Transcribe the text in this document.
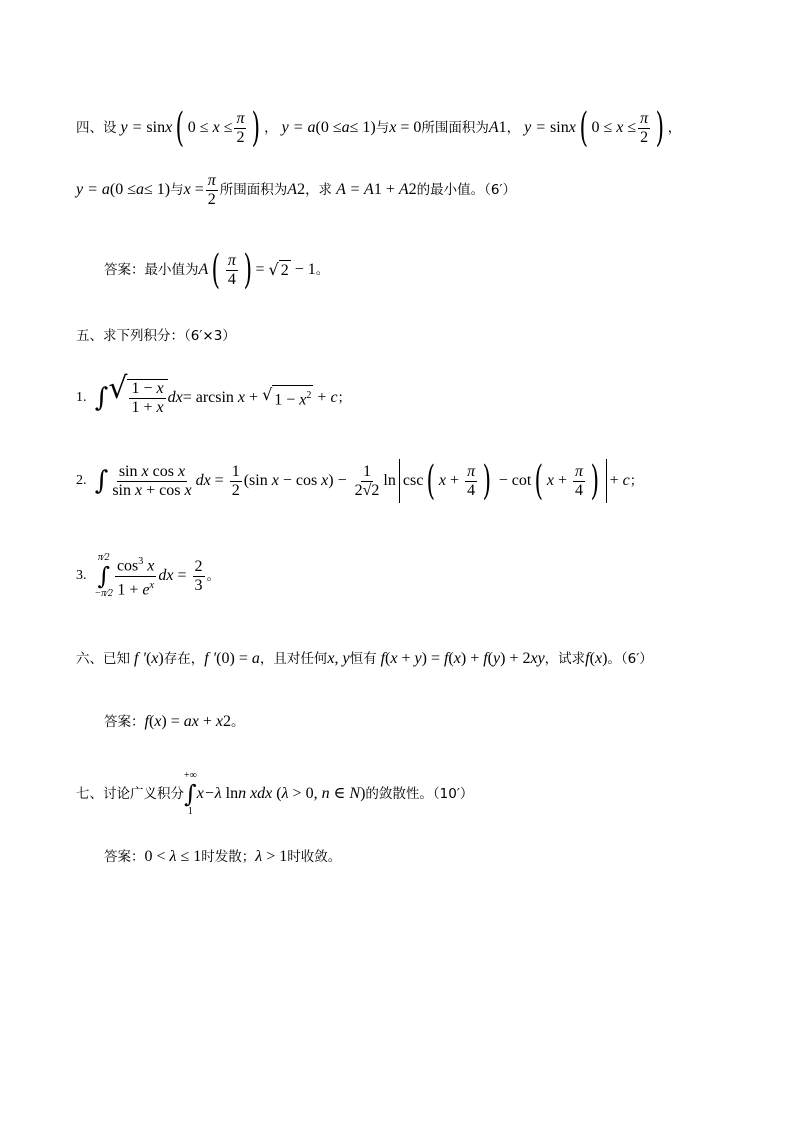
四、设 y = sin x ( $0 \le x \le \frac{\pi}{2}$ ) ， y = a (0 ≤ a ≤ 1) 与 x = 0 所围面积为 A 1 ， y = sin x ( $0 \le x \le \frac{\pi}{2}$ ) ，
y = a (0 ≤ a ≤ 1) 与 $x = \frac{\pi}{2}$ 所围面积为 A 2 ，求 A = A 1 + A 2 的最小值。（6′）
答案：最小值为 A ( $\frac{\pi}{4}$ ) = √ 2 − 1 。
五、求下列积分：（6′×3）
1. ∫ √ $\frac{1 - x}{1 + x}$ dx = arcsin x + √ $1 - x^2 + c$ ；
2. ∫ $\frac{\text{sin x cos x}}{\text{sin x + cos x}}$ dx = $\frac{1}{2} (\sin$ $x - \cos x) - \frac{1}{2√2}$ ln csc ( $x + \frac{\pi}{4}$ ) − cot ( $x + \frac{\pi}{4}$ ) + c ；
3.
π⁄2
∫
−π⁄2 $\frac{\cos^3 x}{1 + e^x}$ dx = $\frac{2}{3}$ 。
六、已知 f ′ ( x ) 存在， f ′ (0) = a ，且对任何 x , y 恒有 f ( x + y ) = f ( x ) + f ( y ) + 2 xy ，试求 f ( x ) 。（6′）
答案： f ( x ) = ax + x 2 。
七、讨论广义积分
+∞
∫
1
x −λ ln n xdx ( λ > 0, n ∈ N ) 的敛散性。（10′）
答案： 0 < λ ≤ 1 时发散； λ > 1 时收敛。
